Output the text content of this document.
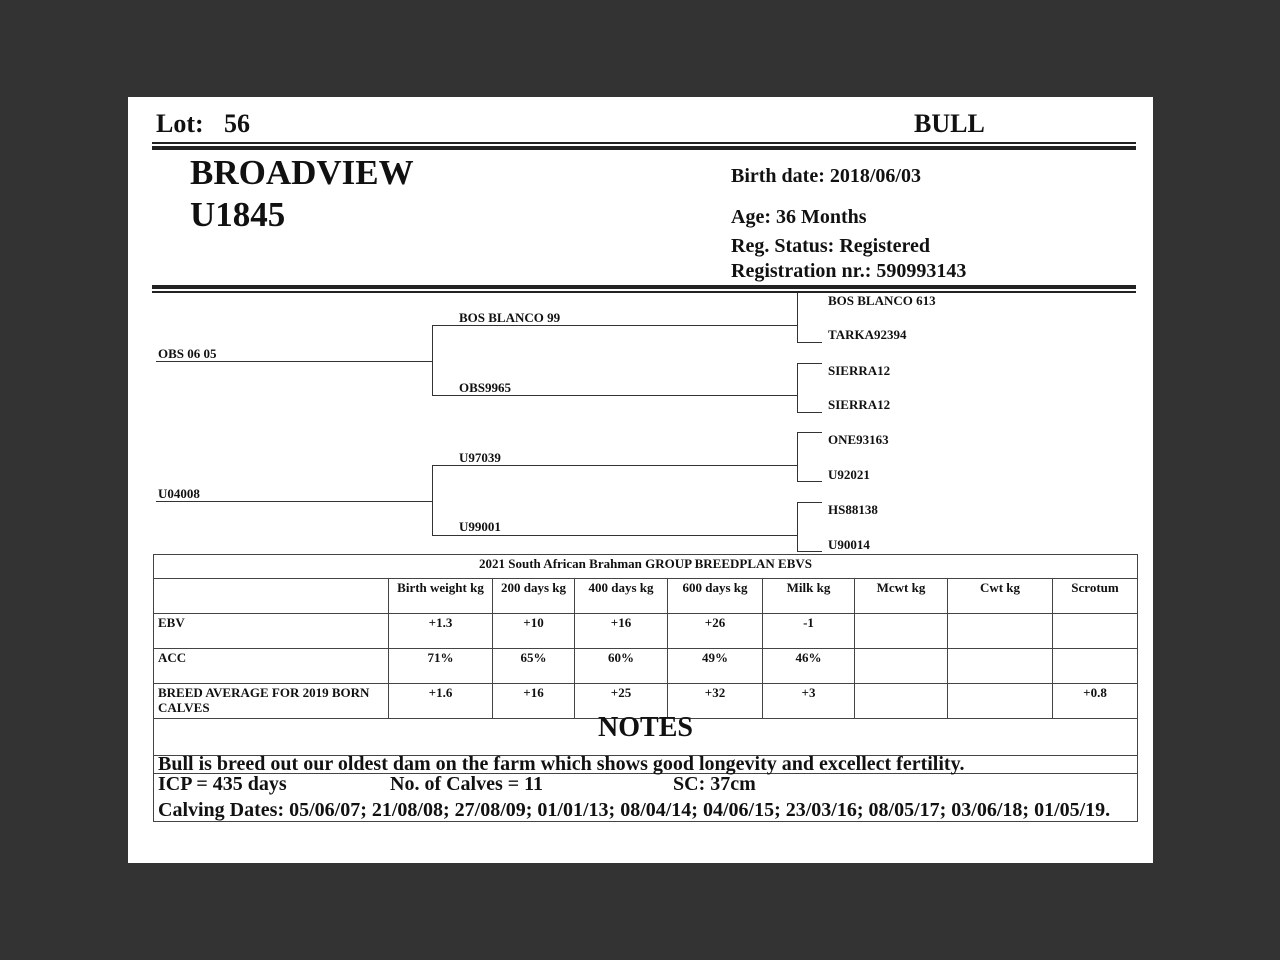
Lot: 56	BULL
BROADVIEW
U1845
Birth date: 2018/06/03
Age: 36 Months
Reg. Status: Registered
Registration nr.: 590993143
OBS 06 05
U04008
BOS BLANCO 99
OBS9965
U97039
U99001
BOS BLANCO 613
TARKA92394
SIERRA12
SIERRA12
ONE93163
U92021
HS88138
U90014
2021 South African Brahman GROUP BREEDPLAN EBVS								
	Birth weight kg	200 days kg	400 days kg	600 days kg	Milk kg	Mcwt kg	Cwt kg	Scrotum
EBV	+1.3	+10	+16	+26	-1			
ACC	71%	65%	60%	49%	46%			
BREED AVERAGE FOR 2019 BORN CALVES	+1.6	+16	+25	+32	+3			+0.8
NOTES								
Bull is breed out our oldest dam on the farm which shows good longevity and excellect fertility.								

ICP = 435 days No. of Calves = 11 SC: 37cm
Calving Dates: 05/06/07; 21/08/08; 27/08/09; 01/01/13; 08/04/14; 04/06/15; 23/03/16; 08/05/17; 03/06/18; 01/05/19.								
